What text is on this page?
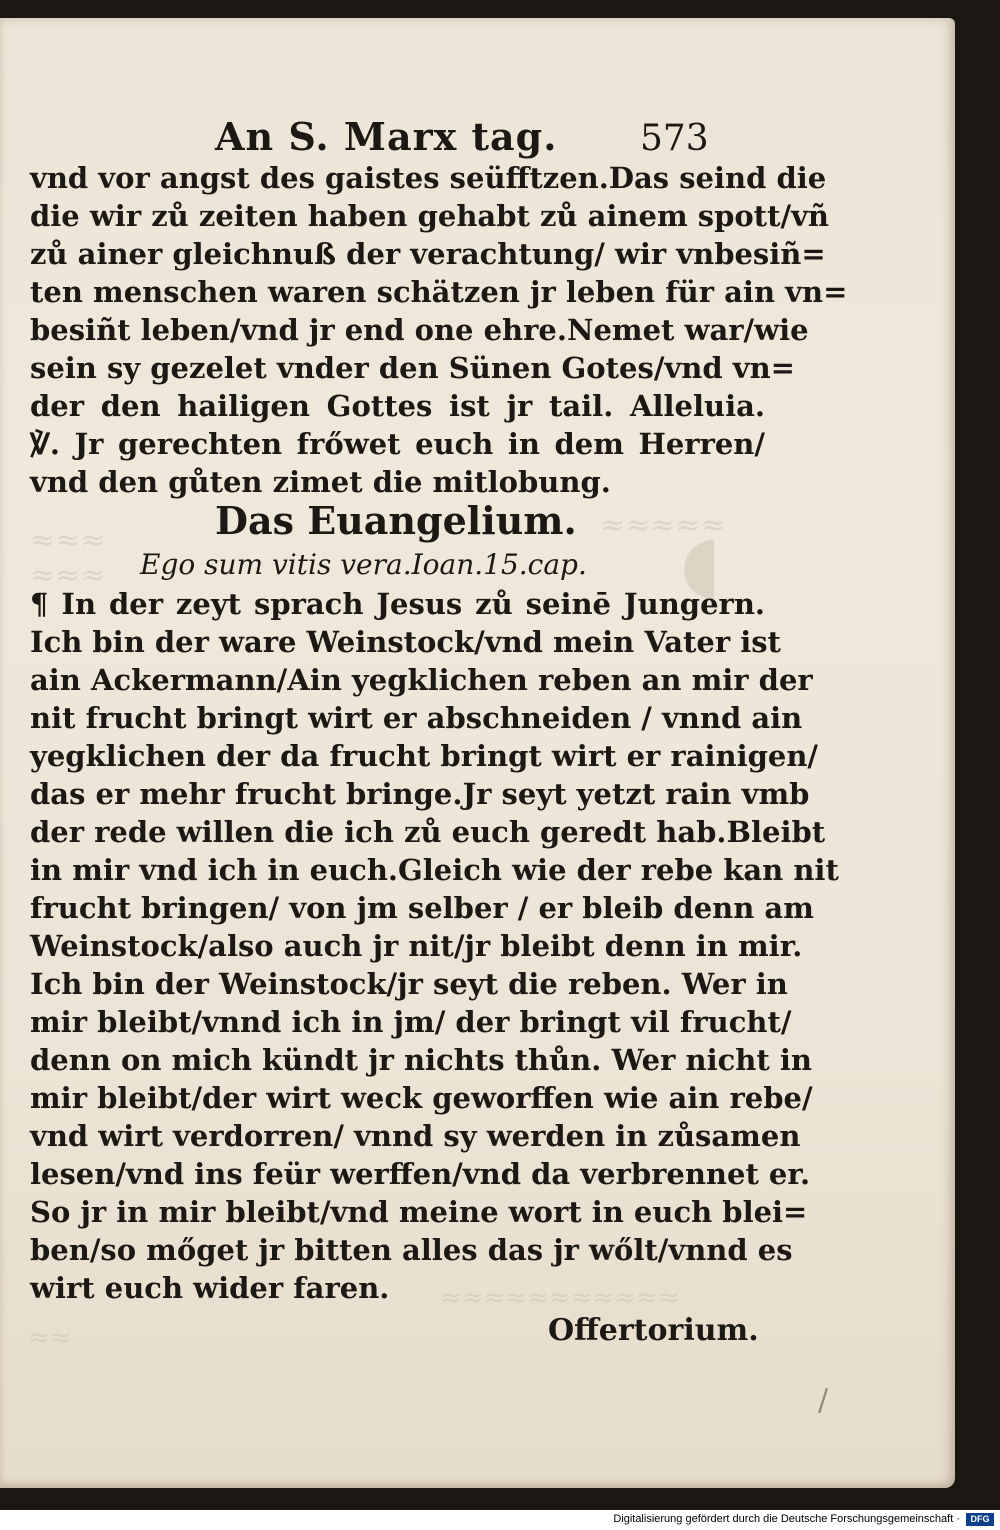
◖
≈≈≈≈≈
≈≈≈
≈≈≈
≈≈≈≈≈≈≈≈≈≈≈
≈≈
An S. Marx tag. 573
vnd vor angst des gaistes seüfftzen.Das seind die
die wir zů zeiten haben gehabt zů ainem spott/vñ
zů ainer gleichnuß der verachtung/ wir vnbesiñ=
ten menschen waren schätzen jr leben für ain vn=
besiñt leben/vnd jr end one ehre.Nemet war/wie
sein sy gezelet vnder den Sünen Gotes/vnd vn=
der den hailigen Gottes ist jr tail. Alleluia.
℣. Jr gerechten frőwet euch in dem Herren/
vnd den gůten zimet die mitlobung.
Das Euangelium.
Ego sum vitis vera.Ioan.15.cap.
¶ In der zeyt sprach Jesus zů seinē Jungern.
Ich bin der ware Weinstock/vnd mein Vater ist
ain Ackermann/Ain yegklichen reben an mir der
nit frucht bringt wirt er abschneiden / vnnd ain
yegklichen der da frucht bringt wirt er rainigen/
das er mehr frucht bringe.Jr seyt yetzt rain vmb
der rede willen die ich zů euch geredt hab.Bleibt
in mir vnd ich in euch.Gleich wie der rebe kan nit
frucht bringen/ von jm selber / er bleib denn am
Weinstock/also auch jr nit/jr bleibt denn in mir.
Ich bin der Weinstock/jr seyt die reben. Wer in
mir bleibt/vnnd ich in jm/ der bringt vil frucht/
denn on mich kündt jr nichts thůn. Wer nicht in
mir bleibt/der wirt weck geworffen wie ain rebe/
vnd wirt verdorren/ vnnd sy werden in zůsamen
lesen/vnd ins feür werffen/vnd da verbrennet er.
So jr in mir bleibt/vnd meine wort in euch blei=
ben/so mőget jr bitten alles das jr wőlt/vnnd es
wirt euch wider faren.
Offertorium.
/
Digitalisierung gefördert durch die Deutsche Forschungsgemeinschaft ·	DFG
